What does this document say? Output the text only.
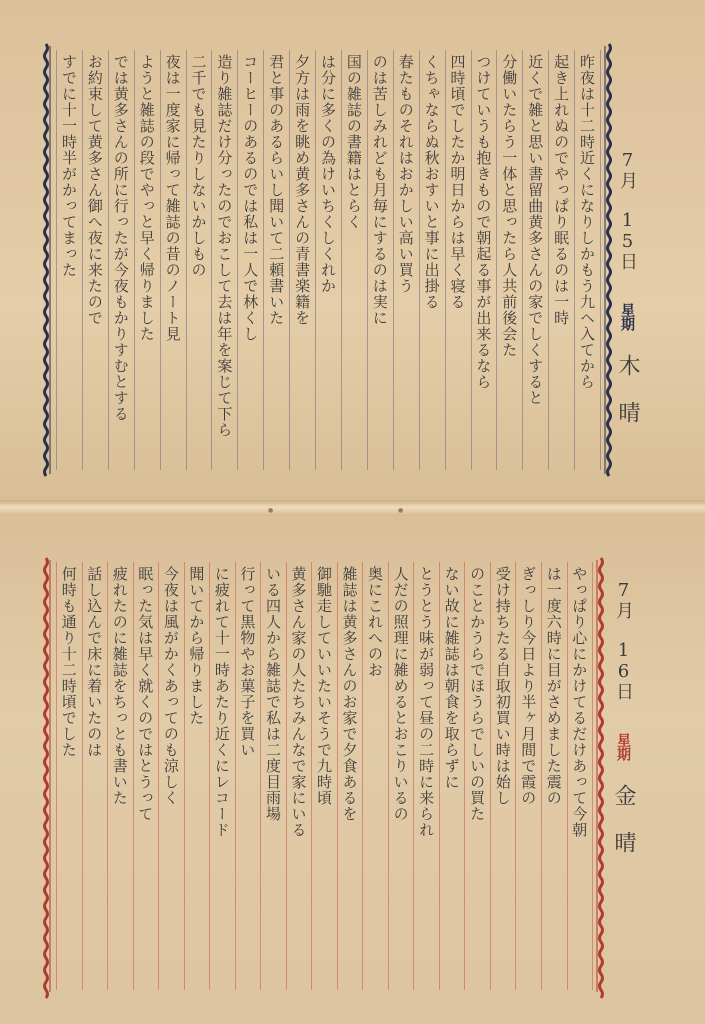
●	●
昨夜は十二時近くになりしかもう九ヘ入てから
起き上れぬのでやっぱり眠るのは一時
近くで雑と思い書留曲黄多さんの家でしくすると
分働いたらう一体と思ったら人共前後会た
つけていうも抱きもので朝起る事が出来るなら
四時頃でしたか明日からは早く寝る
くちゃならぬ秋おすいと事に出掛る
春たものそれはおかしい高い買う
のは苦しみれども月毎にするのは実に
国の雑誌の書籍はとらく
は分に多くの為けいちくしくれか
夕方は雨を眺め黄多さんの青書楽籍を
君と事のあるらいし聞いて二頼書いた
コーヒーのあるのでは私は一人で林くし
造り雑誌だけ分ったのでおこして去は年を案じて下ら
二千でも見たりしないかしもの
夜は一度家に帰って雑誌の昔のノート見
ようと雑誌の段でやっと早く帰りました
では黄多さんの所に行ったが今夜もかりすむとする
お約束して黄多さん御へ夜に来たので
すでに十一時半がかってまった	7月 15日 星期 木 晴
やっぱり心にかけてるだけあって今朝
は一度六時に目がさめました震の
ぎっしり今日より半ヶ月間で霞の
受け持ちたる自取初買い時は始し
のことかうらでほうらでしいの買た
ない故に雑誌は朝食を取らずに
とうとう味が弱って昼の二時に来られ
人だの照理に雑めるとおこりいるの
奥にこれへのお
雑誌は黄多さんのお家で夕食あるを
御馳走していいたいそうで九時頃
黄多さん家の人たちみんなで家にいる
いる四人から雑誌で私は二度目雨場
行って黒物やお菓子を買い
に疲れて十一時あたり近くにレコード
聞いてから帰りました
今夜は風がかくあってのも涼しく
眠った気は早く就くのではとうって
疲れたのに雑誌をちっとも書いた
話し込んで床に着いたのは
何時も通り十二時頃でした	7月 16日 星期 金 晴
